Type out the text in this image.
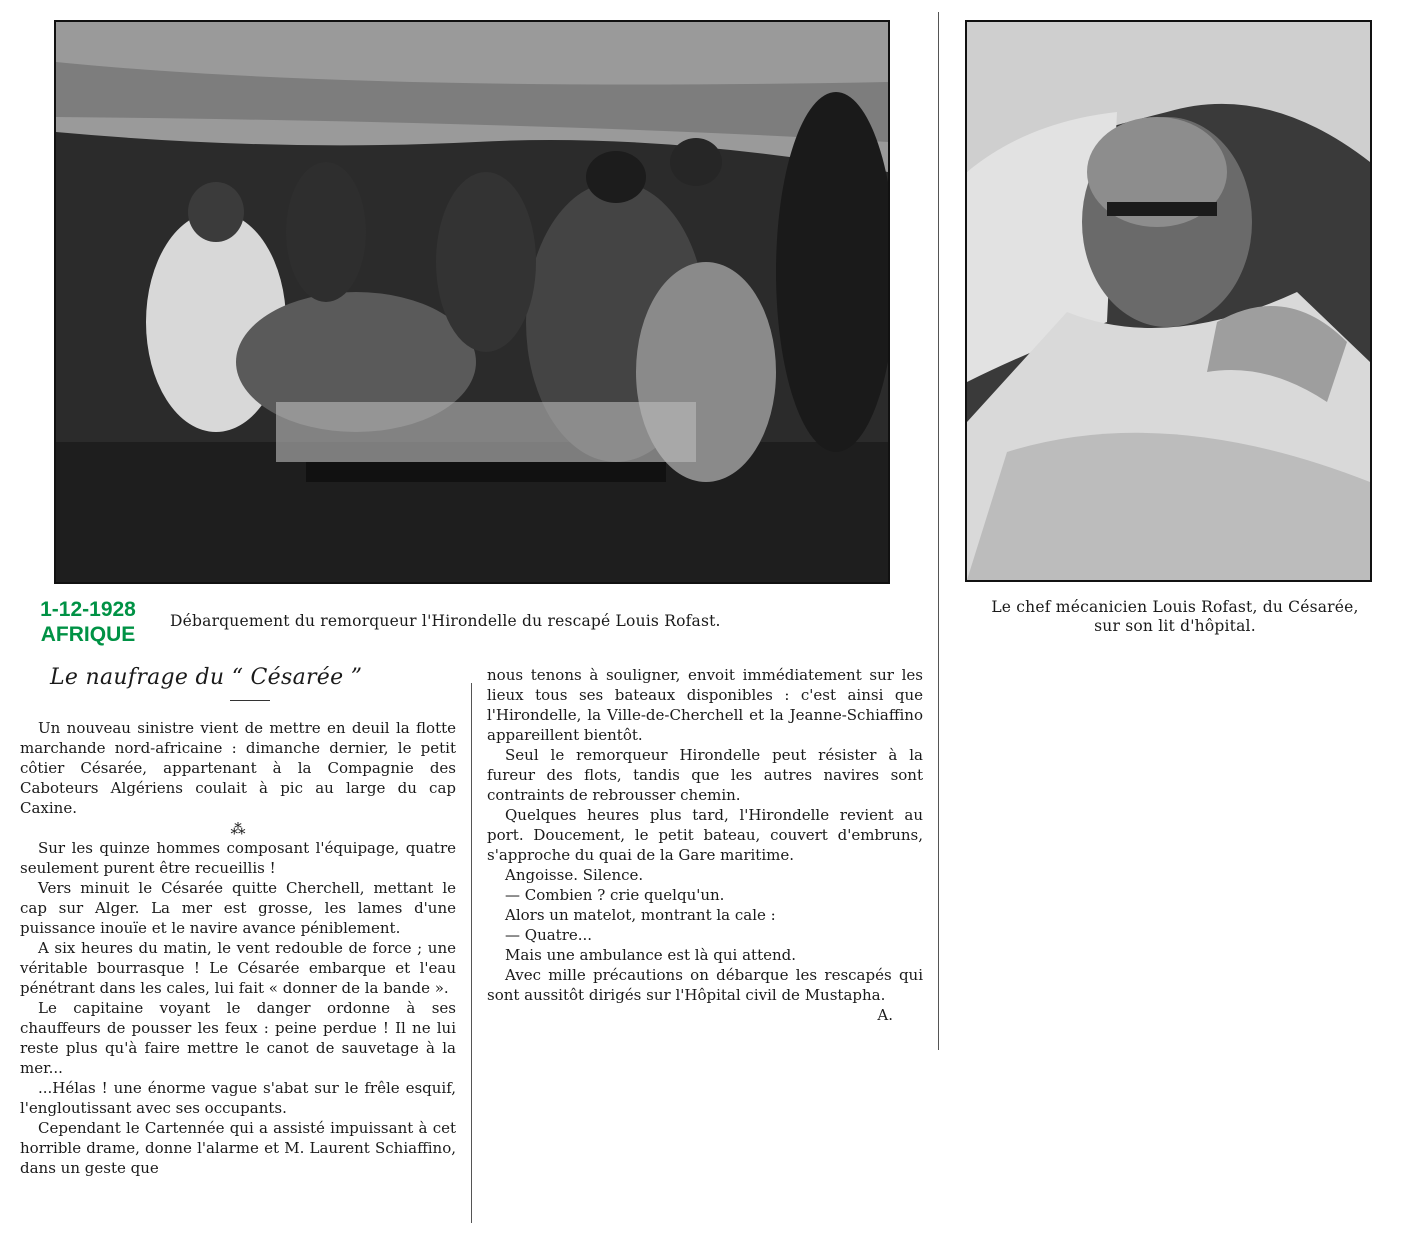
Débarquement du remorqueur l'Hirondelle du rescapé Louis Rofast.
Le chef mécanicien Louis Rofast, du Césarée,
sur son lit d'hôpital.
1-12-1928
AFRIQUE
Le naufrage du “ Césarée ”

Un nouveau sinistre vient de mettre en deuil la flotte marchande nord-africaine : dimanche dernier, le petit côtier Césarée, appartenant à la Compagnie des Caboteurs Algériens coulait à pic au large du cap Caxine.

⁂

Sur les quinze hommes composant l'équipage, quatre seulement purent être recueillis !

Vers minuit le Césarée quitte Cherchell, mettant le cap sur Alger. La mer est grosse, les lames d'une puissance inouïe et le navire avance péniblement.

A six heures du matin, le vent redouble de force ; une véritable bourrasque ! Le Césarée embarque et l'eau pénétrant dans les cales, lui fait « donner de la bande ».

Le capitaine voyant le danger ordonne à ses chauffeurs de pousser les feux : peine perdue ! Il ne lui reste plus qu'à faire mettre le canot de sauvetage à la mer...

...Hélas ! une énorme vague s'abat sur le frêle esquif, l'engloutissant avec ses occupants.

Cependant le Cartennée qui a assisté impuissant à cet horrible drame, donne l'alarme et M. Laurent Schiaffino, dans un geste que

nous tenons à souligner, envoit immédiatement sur les lieux tous ses bateaux disponibles : c'est ainsi que l'Hirondelle, la Ville-de-Cherchell et la Jeanne-Schiaffino appareillent bientôt.

Seul le remorqueur Hirondelle peut résister à la fureur des flots, tandis que les autres navires sont contraints de rebrousser chemin.

Quelques heures plus tard, l'Hirondelle revient au port. Doucement, le petit bateau, couvert d'embruns, s'approche du quai de la Gare maritime.

Angoisse. Silence.

— Combien ? crie quelqu'un.

Alors un matelot, montrant la cale :

— Quatre...

Mais une ambulance est là qui attend.

Avec mille précautions on débarque les rescapés qui sont aussitôt dirigés sur l'Hôpital civil de Mustapha.

A.
